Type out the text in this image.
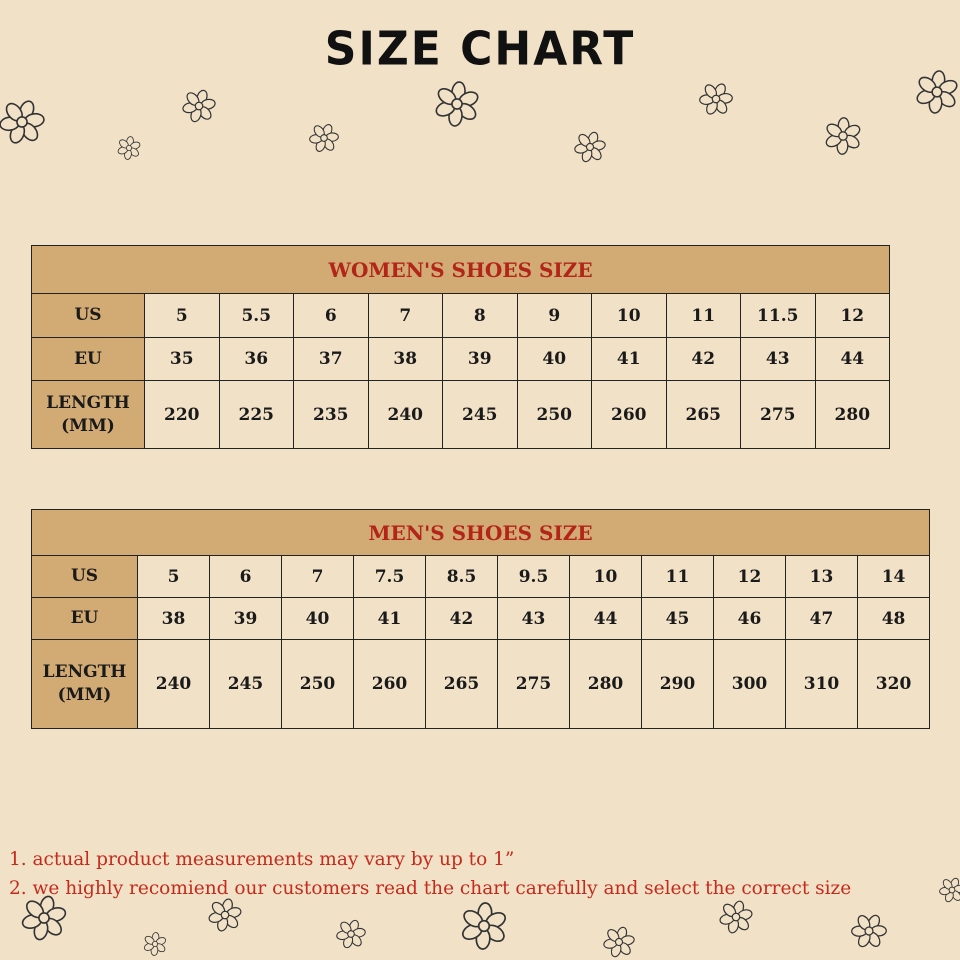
SIZE CHART
WOMEN'S SHOES SIZE										
US	5	5.5	6	7	8	9	10	11	11.5	12
EU	35	36	37	38	39	40	41	42	43	44

LENGTH
(MM)	220	225	235	240	245	250	260	265	275	280
MEN'S SHOES SIZE											
US	5	6	7	7.5	8.5	9.5	10	11	12	13	14
EU	38	39	40	41	42	43	44	45	46	47	48

LENGTH
(MM)	240	245	250	260	265	275	280	290	300	310	320
1. actual product measurements may vary by up to 1”
2. we highly recomiend our customers read the chart carefully and select the correct size
